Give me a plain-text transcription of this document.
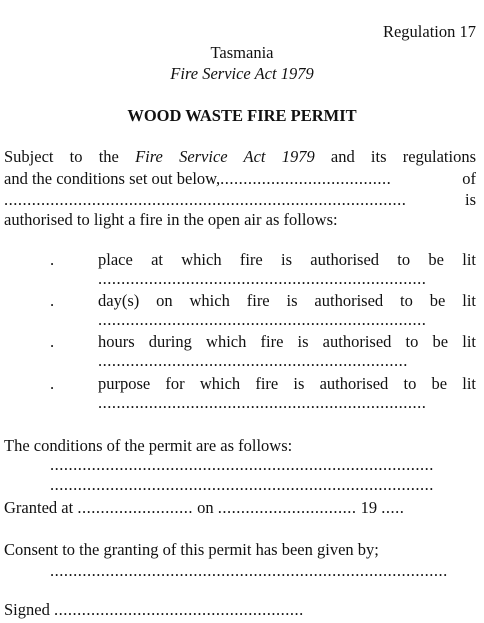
Regulation 17
Tasmania
Fire Service Act 1979
WOOD WASTE FIRE PERMIT
Subject to the Fire Service Act 1979 and its regulations
and the conditions set out below,.....................................	of
.......................................................................................	is
authorised to light a fire in the open air as follows:
.	place at which fire is authorised to be lit
.......................................................................
.	day(s) on which fire is authorised to be lit
.......................................................................
.	hours during which fire is authorised to be lit
...................................................................
.	purpose for which fire is authorised to be lit
.......................................................................
The conditions of the permit are as follows:
...................................................................................
...................................................................................
Granted at ......................... on .............................. 19 .....
Consent to the granting of this permit has been given by;
......................................................................................
Signed ......................................................
